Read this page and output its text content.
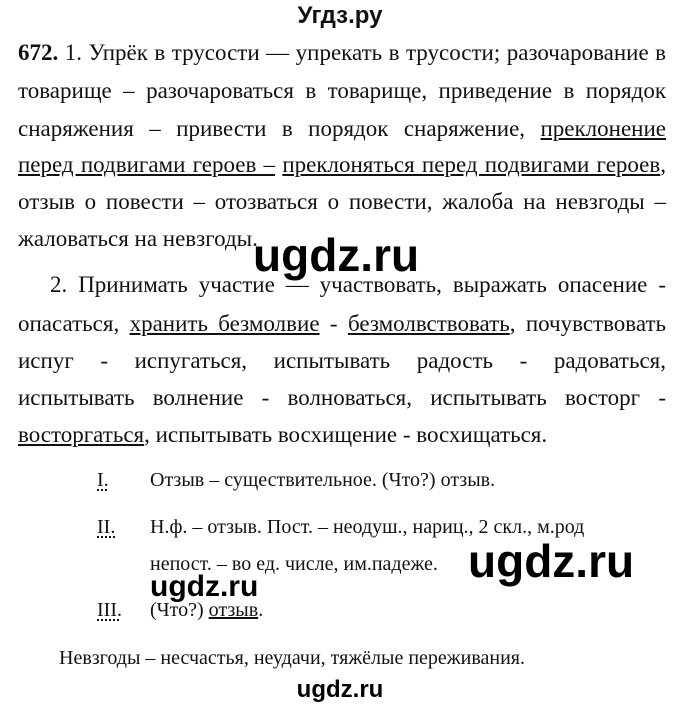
Угдз.ру
672. 1. Упрёк в трусости — упрекать в трусости; разочарование в
товарище – разочароваться в товарище, приведение в порядок
снаряжения – привести в порядок снаряжение, преклонение
перед подвигами героев – преклоняться перед подвигами героев,
отзыв о повести – отозваться о повести, жалоба на невзгоды –
жаловаться на невзгоды.
ugdz.ru
2. Принимать участие — участвовать, выражать опасение -
опасаться, хранить безмолвие - безмолвствовать, почувствовать
испуг - испугаться, испытывать радость - радоваться,
испытывать волнение - волноваться, испытывать восторг -
восторгаться, испытывать восхищение - восхищаться.
I. Отзыв – существительное. (Что?) отзыв.
II. Н.ф. – отзыв. Пост. – неодуш., нариц., 2 скл., м.род
непост. – во ед. числе, им.падеже. ugdz.ru
ugdz.ru
III. (Что?) отзыв.
Невзгоды – несчастья, неудачи, тяжёлые переживания.
ugdz.ru
